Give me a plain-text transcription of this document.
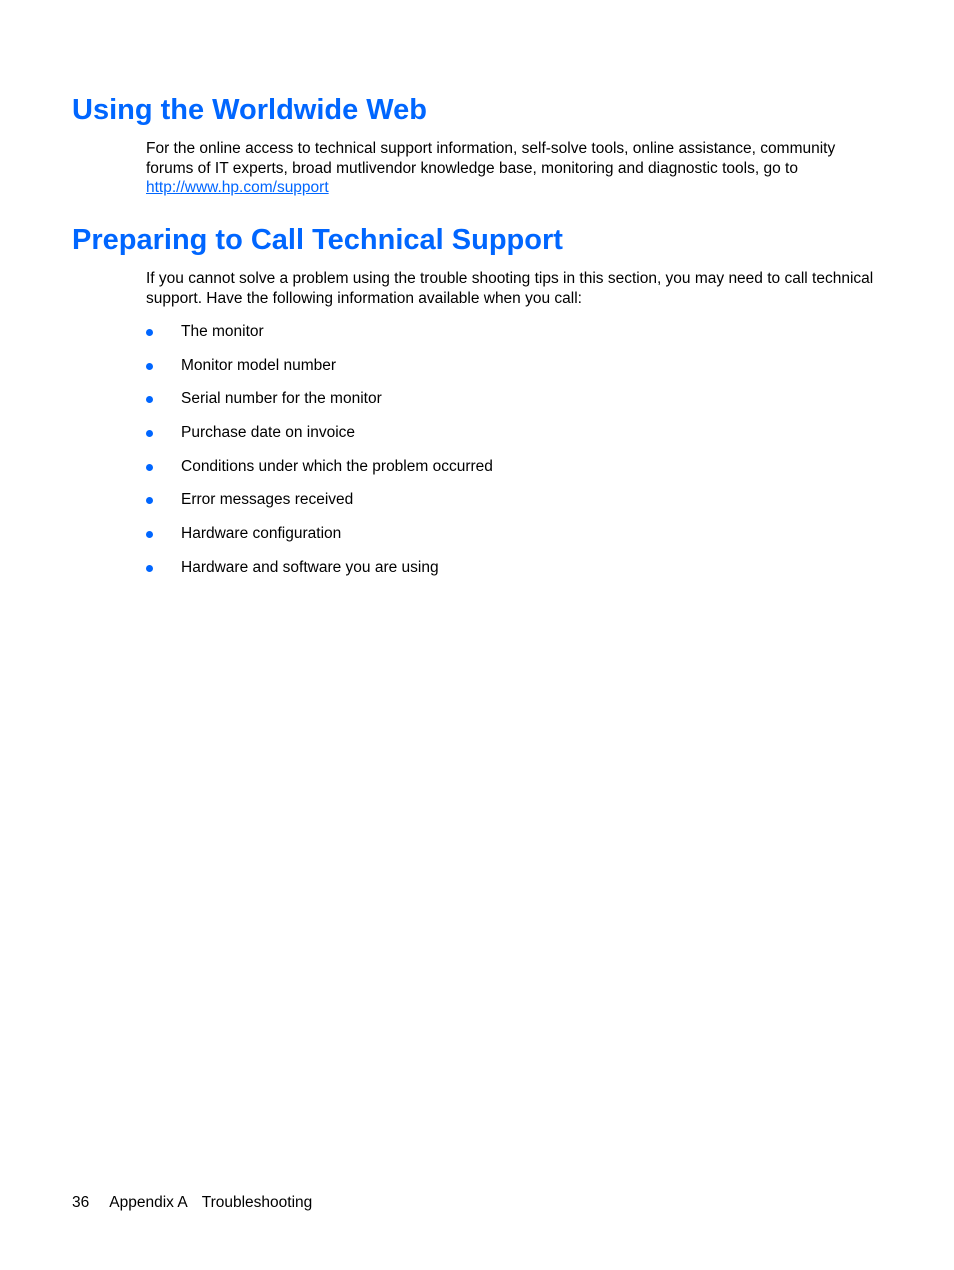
Using the Worldwide Web

For the online access to technical support information, self-solve tools, online assistance, community forums of IT experts, broad mutlivendor knowledge base, monitoring and diagnostic tools, go to
http://www.hp.com/support

Preparing to Call Technical Support

If you cannot solve a problem using the trouble shooting tips in this section, you may need to call technical support. Have the following information available when you call:

The monitor
Monitor model number
Serial number for the monitor
Purchase date on invoice
Conditions under which the problem occurred
Error messages received
Hardware configuration
Hardware and software you are using
36 Appendix A Troubleshooting
